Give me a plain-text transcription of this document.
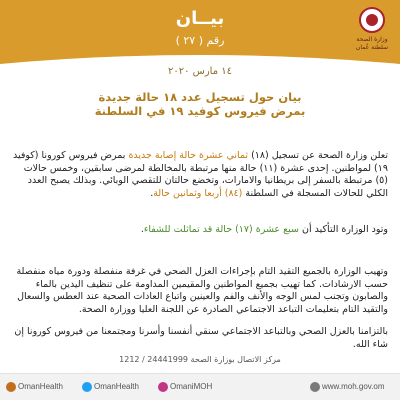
وزارة الصحة
سلطنة عُمان
بيــان
رقم ( ٢٧ )
١٤ مارس ٢٠٢٠
بيان حول تسجيل عدد ١٨ حالة جديدة
بمرض فيروس كوفيد ١٩ في السلطنة
تعلن وزارة الصحة عن تسجيل (١٨) ثماني عشرة حالة إصابة جديدة بمرض فيروس كورونا (كوفيد ١٩) لمواطنين. إحدى عشرة (١١) حالة منها مرتبطة بالمخالطة لمرضى سابقين، وخمس حالات (٥) مرتبطة بالسفر إلى بريطانيا والامارات، وتخضع حالتان للتقصي الوبائي. وبذلك يصبح العدد الكلي للحالات المسجلة في السلطنة (٨٤) أربعا وثمانين حالة.
وتود الوزارة التأكيد أن سبع عشرة (١٧) حالة قد تماثلت للشفاء.
وتهيب الوزارة بالجميع التقيد التام بإجراءات العزل الصحي في غرفة منفصلة ودورة مياه منفصلة حسب الارشادات. كما تهيب بجميع المواطنين والمقيمين المداومة على تنظيف اليدين بالماء والصابون وتجنب لمس الوجه والأنف والفم والعينين واتباع العادات الصحية عند العطس والسعال والتقيد التام بتعليمات التباعد الاجتماعي الصادرة عن اللجنة العليا ووزارة الصحة.
بالتزامنا بالعزل الصحي وبالتباعد الاجتماعي سنقي أنفسنا وأسرنا ومجتمعنا من فيروس كورونا إن شاء الله.
مركز الاتصال بوزارة الصحة 24441999 / 1212
OmanHealth	OmanHealth	OmaniMOH	www.moh.gov.om
